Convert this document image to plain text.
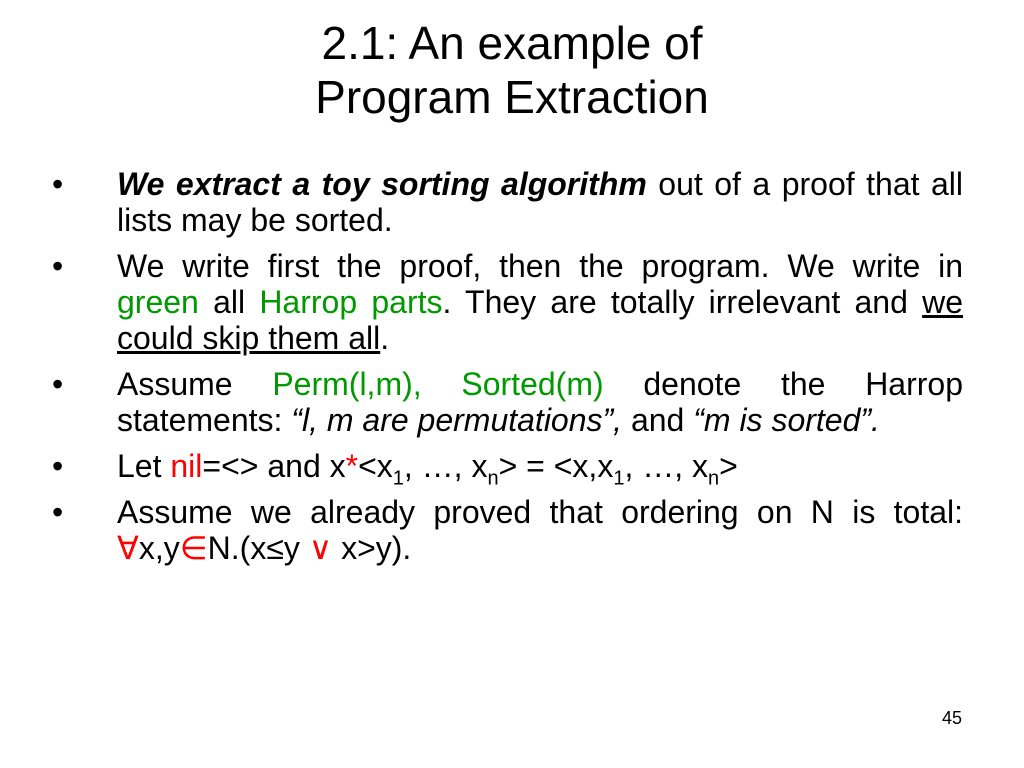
2.1: An example of
Program Extraction
• We extract a toy sorting algorithm out of a proof that all lists may be sorted.
• We write first the proof, then the program. We write in green all Harrop parts. They are totally irrelevant and we could skip them all.
• Assume Perm(l,m), Sorted(m) denote the Harrop statements: “l, m are permutations”, and “m is sorted”.
• Let nil=<> and $x*<x_1$, …, $x_n> = <x,x_1$, …, $x_n>$
• Assume we already proved that ordering on N is total: ∀x,y∈N.(x≤y ∨ x>y).
45
